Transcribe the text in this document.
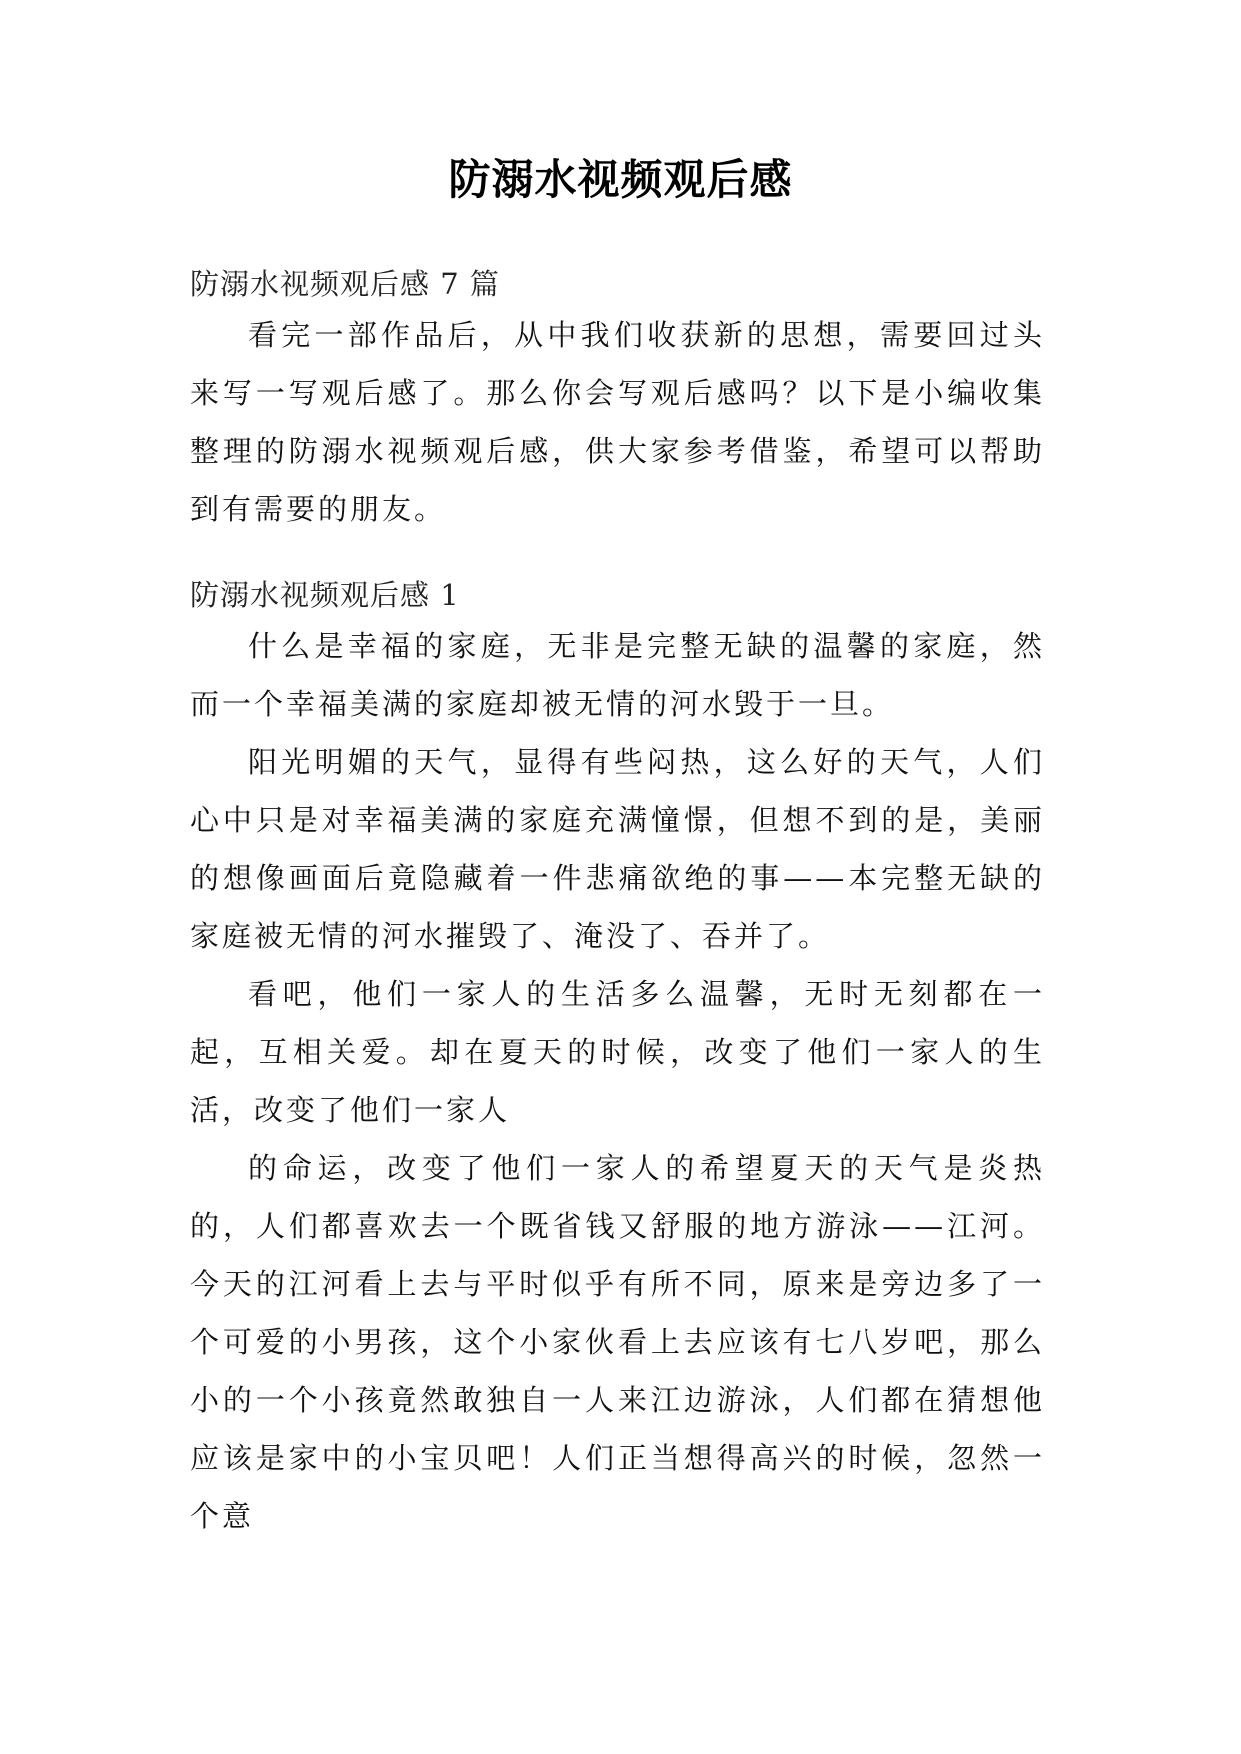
防溺水视频观后感
防溺水视频观后感 7 篇

看完一部作品后，从中我们收获新的思想，需要回过头来写一写观后感了。那么你会写观后感吗？以下是小编收集整理的防溺水视频观后感，供大家参考借鉴，希望可以帮助到有需要的朋友。

防溺水视频观后感 1

什么是幸福的家庭，无非是完整无缺的温馨的家庭，然而一个幸福美满的家庭却被无情的河水毁于一旦。

阳光明媚的天气，显得有些闷热，这么好的天气，人们心中只是对幸福美满的家庭充满憧憬，但想不到的是，美丽的想像画面后竟隐藏着一件悲痛欲绝的事——本完整无缺的家庭被无情的河水摧毁了、淹没了、吞并了。

看吧，他们一家人的生活多么温馨，无时无刻都在一起，互相关爱。却在夏天的时候，改变了他们一家人的生活，改变了他们一家人

的命运，改变了他们一家人的希望夏天的天气是炎热的，人们都喜欢去一个既省钱又舒服的地方游泳——江河。今天的江河看上去与平时似乎有所不同，原来是旁边多了一个可爱的小男孩，这个小家伙看上去应该有七八岁吧，那么小的一个小孩竟然敢独自一人来江边游泳，人们都在猜想他应该是家中的小宝贝吧！人们正当想得高兴的时候，忽然一个意
